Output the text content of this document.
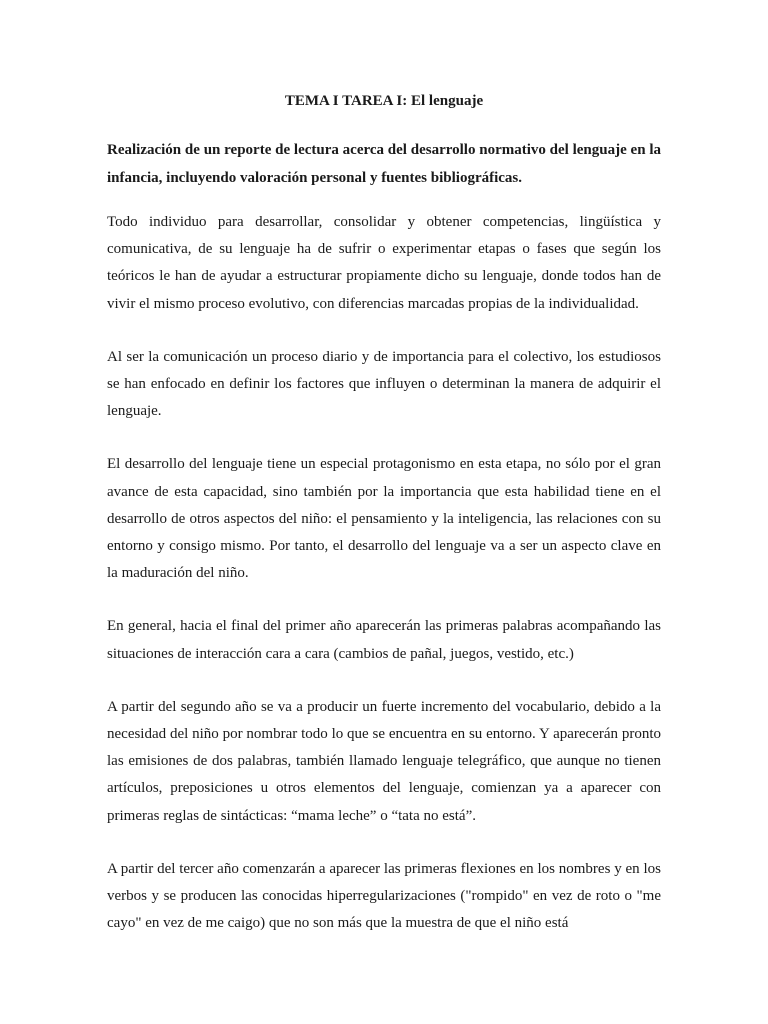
TEMA I TAREA I: El lenguaje
Realización de un reporte de lectura acerca del desarrollo normativo del lenguaje en la infancia, incluyendo valoración personal y fuentes bibliográficas.

Todo individuo para desarrollar, consolidar y obtener competencias, lingüística y comunicativa, de su lenguaje ha de sufrir o experimentar etapas o fases que según los teóricos le han de ayudar a estructurar propiamente dicho su lenguaje, donde todos han de vivir el mismo proceso evolutivo, con diferencias marcadas propias de la individualidad.

Al ser la comunicación un proceso diario y de importancia para el colectivo, los estudiosos se han enfocado en definir los factores que influyen o determinan la manera de adquirir el lenguaje.

El desarrollo del lenguaje tiene un especial protagonismo en esta etapa, no sólo por el gran avance de esta capacidad, sino también por la importancia que esta habilidad tiene en el desarrollo de otros aspectos del niño: el pensamiento y la inteligencia, las relaciones con su entorno y consigo mismo. Por tanto, el desarrollo del lenguaje va a ser un aspecto clave en la maduración del niño.

En general, hacia el final del primer año aparecerán las primeras palabras acompañando las situaciones de interacción cara a cara (cambios de pañal, juegos, vestido, etc.)

A partir del segundo año se va a producir un fuerte incremento del vocabulario, debido a la necesidad del niño por nombrar todo lo que se encuentra en su entorno. Y aparecerán pronto las emisiones de dos palabras, también llamado lenguaje telegráfico, que aunque no tienen artículos, preposiciones u otros elementos del lenguaje, comienzan ya a aparecer con primeras reglas de sintácticas: “mama leche” o “tata no está”.

A partir del tercer año comenzarán a aparecer las primeras flexiones en los nombres y en los verbos y se producen las conocidas hiperregularizaciones ("rompido" en vez de roto o "me cayo" en vez de me caigo) que no son más que la muestra de que el niño está
